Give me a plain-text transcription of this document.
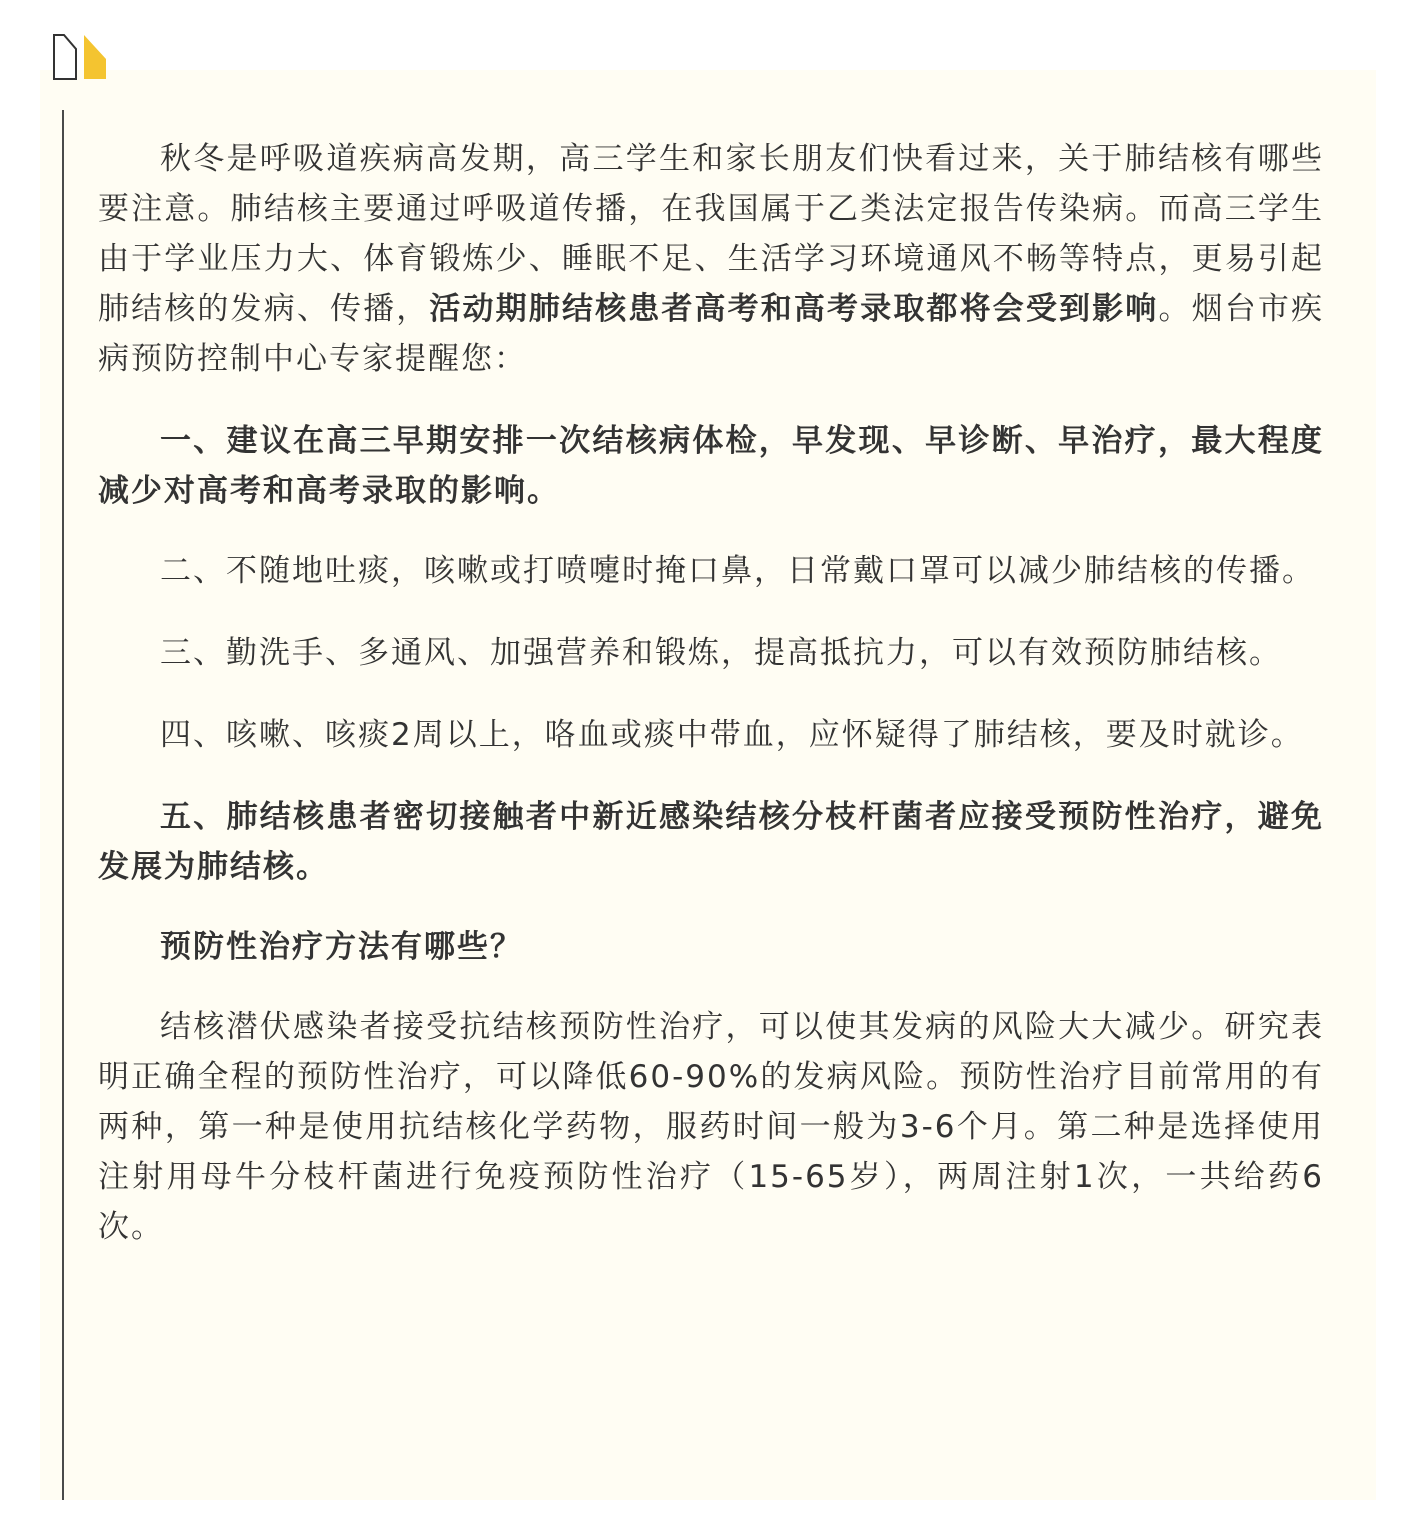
秋冬是呼吸道疾病高发期，高三学生和家长朋友们快看过来，关于肺结核有哪些要注意。肺结核主要通过呼吸道传播，在我国属于乙类法定报告传染病。而高三学生由于学业压力大、体育锻炼少、睡眠不足、生活学习环境通风不畅等特点，更易引起肺结核的发病、传播，活动期肺结核患者高考和高考录取都将会受到影响。烟台市疾病预防控制中心专家提醒您：

一、建议在高三早期安排一次结核病体检，早发现、早诊断、早治疗，最大程度减少对高考和高考录取的影响。

二、不随地吐痰，咳嗽或打喷嚏时掩口鼻，日常戴口罩可以减少肺结核的传播。

三、勤洗手、多通风、加强营养和锻炼，提高抵抗力，可以有效预防肺结核。

四、咳嗽、咳痰2周以上，咯血或痰中带血，应怀疑得了肺结核，要及时就诊。

五、肺结核患者密切接触者中新近感染结核分枝杆菌者应接受预防性治疗，避免发展为肺结核。

预防性治疗方法有哪些？

结核潜伏感染者接受抗结核预防性治疗，可以使其发病的风险大大减少。研究表明正确全程的预防性治疗，可以降低60-90%的发病风险。预防性治疗目前常用的有两种，第一种是使用抗结核化学药物，服药时间一般为3-6个月。第二种是选择使用注射用母牛分枝杆菌进行免疫预防性治疗（15-65岁），两周注射1次，一共给药6次。
